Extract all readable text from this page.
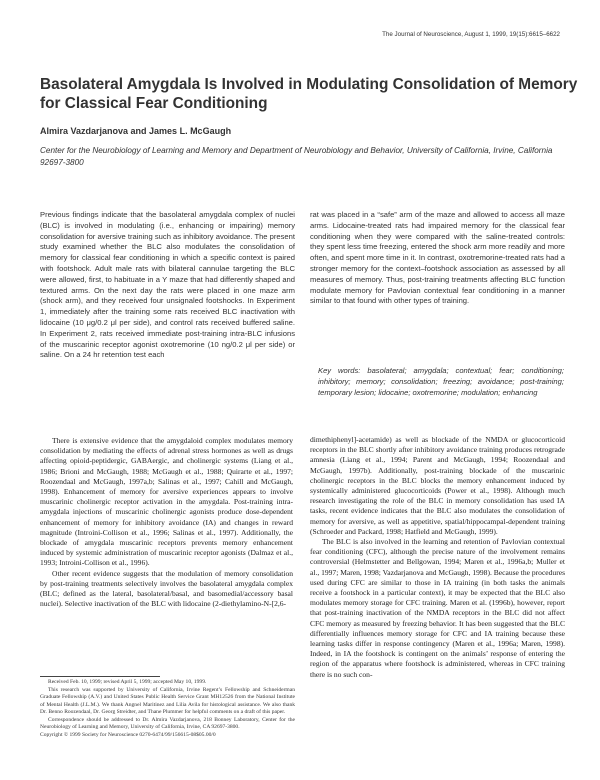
The Journal of Neuroscience, August 1, 1999, 19(15):6615–6622
Basolateral Amygdala Is Involved in Modulating Consolidation of Memory for Classical Fear Conditioning
Almira Vazdarjanova and James L. McGaugh
Center for the Neurobiology of Learning and Memory and Department of Neurobiology and Behavior, University of California, Irvine, California 92697-3800
Previous findings indicate that the basolateral amygdala complex of nuclei (BLC) is involved in modulating (i.e., enhancing or impairing) memory consolidation for aversive training such as inhibitory avoidance. The present study examined whether the BLC also modulates the consolidation of memory for classical fear conditioning in which a specific context is paired with footshock. Adult male rats with bilateral cannulae targeting the BLC were allowed, first, to habituate in a Y maze that had differently shaped and textured arms. On the next day the rats were placed in one maze arm (shock arm), and they received four unsignaled footshocks. In Experiment 1, immediately after the training some rats received BLC inactivation with lidocaine (10 μg/0.2 μl per side), and control rats received buffered saline. In Experiment 2, rats received immediate post-training intra-BLC infusions of the muscarinic receptor agonist oxotremorine (10 ng/0.2 μl per side) or saline. On a 24 hr retention test each
rat was placed in a “safe” arm of the maze and allowed to access all maze arms. Lidocaine-treated rats had impaired memory for the classical fear conditioning when they were compared with the saline-treated controls: they spent less time freezing, entered the shock arm more readily and more often, and spent more time in it. In contrast, oxotremorine-treated rats had a stronger memory for the context–footshock association as assessed by all measures of memory. Thus, post-training treatments affecting BLC function modulate memory for Pavlovian contextual fear conditioning in a manner similar to that found with other types of training.
Key words: basolateral; amygdala; contextual; fear; conditioning; inhibitory; memory; consolidation; freezing; avoidance; post-training; temporary lesion; lidocaine; oxotremorine; modulation; enhancing

There is extensive evidence that the amygdaloid complex modulates memory consolidation by mediating the effects of adrenal stress hormones as well as drugs affecting opioid-peptidergic, GABAergic, and cholinergic systems (Liang et al., 1986; Brioni and McGaugh, 1988; McGaugh et al., 1988; Quirarte et al., 1997; Roozendaal and McGaugh, 1997a,b; Salinas et al., 1997; Cahill and McGaugh, 1998). Enhancement of memory for aversive experiences appears to involve muscarinic cholinergic receptor activation in the amygdala. Post-training intra-amygdala injections of muscarinic cholinergic agonists produce dose-dependent enhancement of memory for inhibitory avoidance (IA) and changes in reward magnitude (Introini-Collison et al., 1996; Salinas et al., 1997). Additionally, the blockade of amygdala muscarinic receptors prevents memory enhancement induced by systemic administration of muscarinic receptor agonists (Dalmaz et al., 1993; Introini-Collison et al., 1996).

Other recent evidence suggests that the modulation of memory consolidation by post-training treatments selectively involves the basolateral amygdala complex (BLC; defined as the lateral, basolateral/basal, and basomedial/accessory basal nuclei). Selective inactivation of the BLC with lidocaine (2-diethylamino-N-[2,6-

dimethiphenyl]-acetamide) as well as blockade of the NMDA or glucocorticoid receptors in the BLC shortly after inhibitory avoidance training produces retrograde amnesia (Liang et al., 1994; Parent and McGaugh, 1994; Roozendaal and McGaugh, 1997b). Additionally, post-training blockade of the muscarinic cholinergic receptors in the BLC blocks the memory enhancement induced by systemically administered glucocorticoids (Power et al., 1998). Although much research investigating the role of the BLC in memory consolidation has used IA tasks, recent evidence indicates that the BLC also modulates the consolidation of memory for aversive, as well as appetitive, spatial/hippocampal-dependent training (Schroeder and Packard, 1998; Hatfield and McGaugh, 1999).

The BLC is also involved in the learning and retention of Pavlovian contextual fear conditioning (CFC), although the precise nature of the involvement remains controversial (Helmstetter and Bellgowan, 1994; Maren et al., 1996a,b; Muller et al., 1997; Maren, 1998; Vazdarjanova and McGaugh, 1998). Because the procedures used during CFC are similar to those in IA training (in both tasks the animals receive a footshock in a particular context), it may be expected that the BLC also modulates memory storage for CFC training. Maren et al. (1996b), however, report that post-training inactivation of the NMDA receptors in the BLC did not affect CFC memory as measured by freezing behavior. It has been suggested that the BLC differentially influences memory storage for CFC and IA training because these learning tasks differ in response contingency (Maren et al., 1996a; Maren, 1998). Indeed, in IA the footshock is contingent on the animals’ response of entering the region of the apparatus where footshock is administered, whereas in CFC training there is no such con-

Received Feb. 10, 1999; revised April 5, 1999; accepted May 10, 1999.

This research was supported by University of California, Irvine Regent’s Fellowship and Schneiderman Graduate Fellowship (A.V.) and United States Public Health Service Grant MH12526 from the National Institute of Mental Health (J.L.M.). We thank Angnel Maritinez and Lilia Avila for histological assistance. We also thank Dr. Benno Roozendaal, Dr. Georg Streidter, and Thane Plummer for helpful comments on a draft of this paper.

Correspondence should be addressed to Dr. Almira Vazdarjanova, 218 Bonney Laboratory, Center for the Neurobiology of Learning and Memory, University of California, Irvine, CA 92697-3800.

Copyright © 1999 Society for Neuroscience 0270-6474/99/156615-08$05.00/0
